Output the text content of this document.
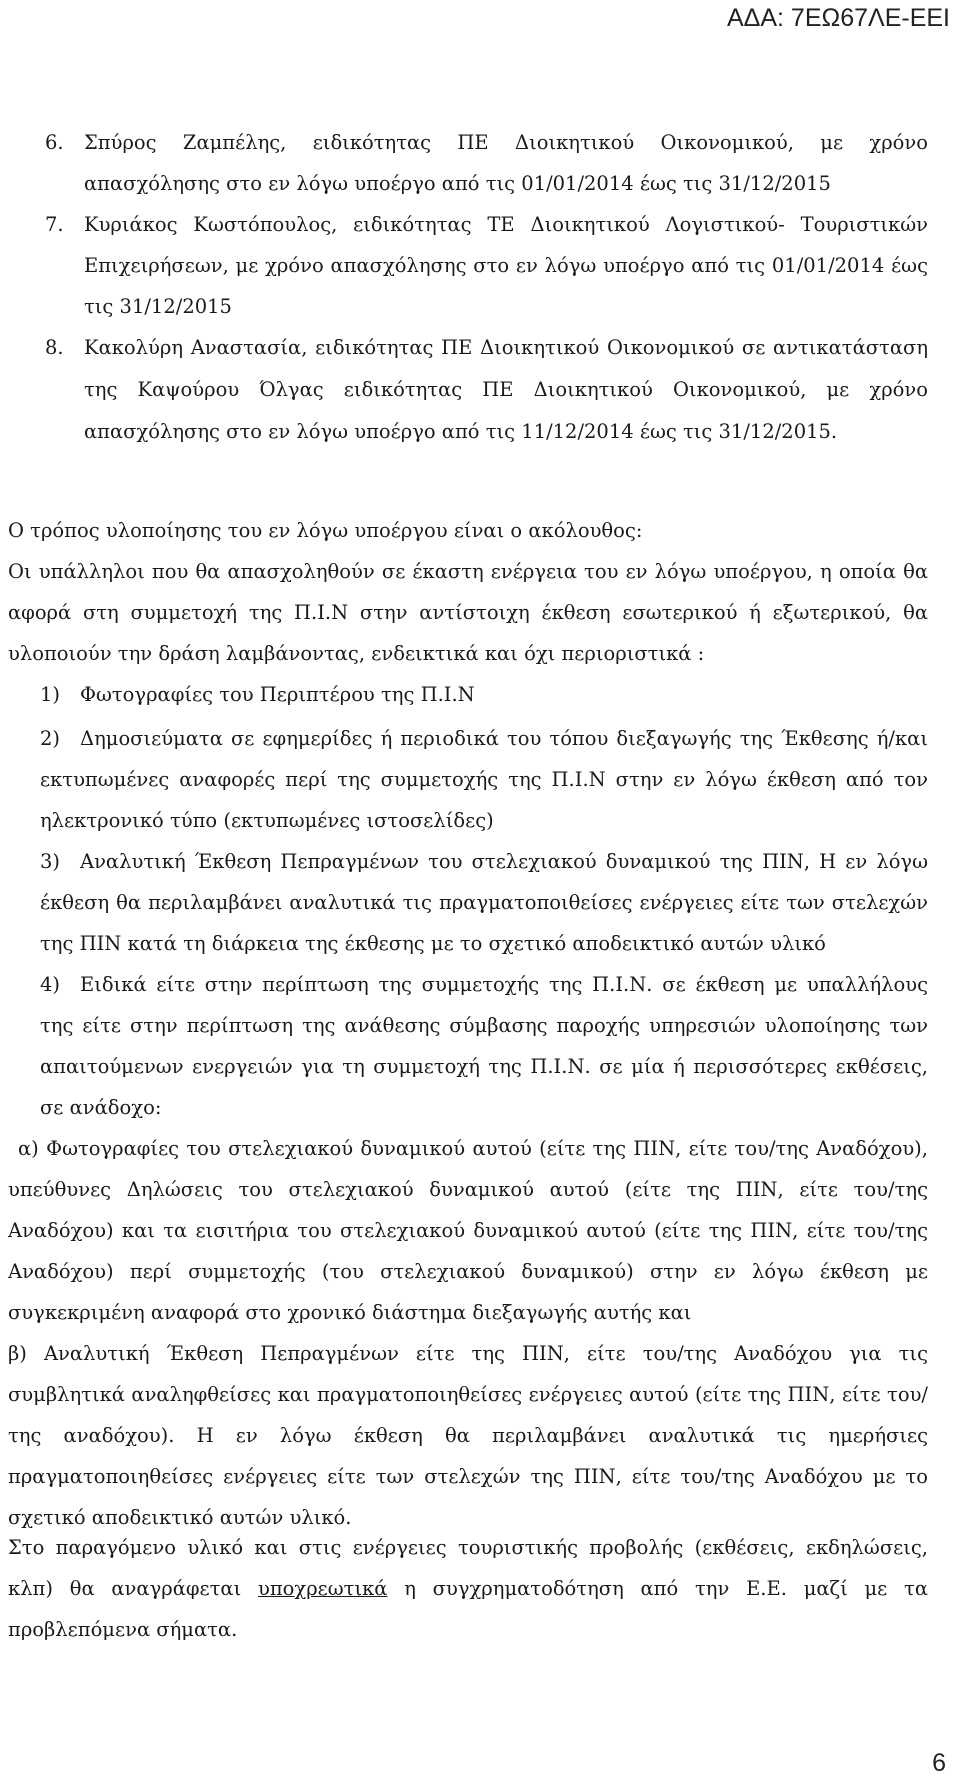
ΑΔΑ: 7ΕΩ67ΛΕ-ΕΕΙ
6. Σπύρος Ζαμπέλης, ειδικότητας ΠΕ Διοικητικού Οικονομικού, με χρόνο απασχόλησης στο εν λόγω υποέργο από τις 01/01/2014 έως τις 31/12/2015
7. Κυριάκος Κωστόπουλος, ειδικότητας ΤΕ Διοικητικού Λογιστικού- Τουριστικών Επιχειρήσεων, με χρόνο απασχόλησης στο εν λόγω υποέργο από τις 01/01/2014 έως τις 31/12/2015
8. Κακολύρη Αναστασία, ειδικότητας ΠΕ Διοικητικού Οικονομικού σε αντικατάσταση της Καψούρου Όλγας ειδικότητας ΠΕ Διοικητικού Οικονομικού, με χρόνο απασχόλησης στο εν λόγω υποέργο από τις 11/12/2014 έως τις 31/12/2015.
Ο τρόπος υλοποίησης του εν λόγω υποέργου είναι ο ακόλουθος:
Οι υπάλληλοι που θα απασχοληθούν σε έκαστη ενέργεια του εν λόγω υποέργου, η οποία θα αφορά στη συμμετοχή της Π.Ι.Ν στην αντίστοιχη έκθεση εσωτερικού ή εξωτερικού, θα υλοποιούν την δράση λαμβάνοντας, ενδεικτικά και όχι περιοριστικά :
1) Φωτογραφίες του Περιπτέρου της Π.Ι.Ν
2) Δημοσιεύματα σε εφημερίδες ή περιοδικά του τόπου διεξαγωγής της Έκθεσης ή/και εκτυπωμένες αναφορές περί της συμμετοχής της Π.Ι.Ν στην εν λόγω έκθεση από τον ηλεκτρονικό τύπο (εκτυπωμένες ιστοσελίδες)
3) Αναλυτική Έκθεση Πεπραγμένων του στελεχιακού δυναμικού της ΠΙΝ, Η εν λόγω έκθεση θα περιλαμβάνει αναλυτικά τις πραγματοποιθείσες ενέργειες είτε των στελεχών της ΠΙΝ κατά τη διάρκεια της έκθεσης με το σχετικό αποδεικτικό αυτών υλικό
4) Ειδικά είτε στην περίπτωση της συμμετοχής της Π.Ι.Ν. σε έκθεση με υπαλλήλους της είτε στην περίπτωση της ανάθεσης σύμβασης παροχής υπηρεσιών υλοποίησης των απαιτούμενων ενεργειών για τη συμμετοχή της Π.Ι.Ν. σε μία ή περισσότερες εκθέσεις, σε ανάδοχο:
α) Φωτογραφίες του στελεχιακού δυναμικού αυτού (είτε της ΠΙΝ, είτε του/της Αναδόχου), υπεύθυνες Δηλώσεις του στελεχιακού δυναμικού αυτού (είτε της ΠΙΝ, είτε του/της Αναδόχου) και τα εισιτήρια του στελεχιακού δυναμικού αυτού (είτε της ΠΙΝ, είτε του/της Αναδόχου) περί συμμετοχής (του στελεχιακού δυναμικού) στην εν λόγω έκθεση με συγκεκριμένη αναφορά στο χρονικό διάστημα διεξαγωγής αυτής και
β) Αναλυτική Έκθεση Πεπραγμένων είτε της ΠΙΝ, είτε του/της Αναδόχου για τις συμβλητικά αναληφθείσες και πραγματοποιηθείσες ενέργειες αυτού (είτε της ΠΙΝ, είτε του/της αναδόχου). Η εν λόγω έκθεση θα περιλαμβάνει αναλυτικά τις ημερήσιες πραγματοποιηθείσες ενέργειες είτε των στελεχών της ΠΙΝ, είτε του/της Αναδόχου με το σχετικό αποδεικτικό αυτών υλικό.
Στο παραγόμενο υλικό και στις ενέργειες τουριστικής προβολής (εκθέσεις, εκδηλώσεις, κλπ) θα αναγράφεται υποχρεωτικά η συγχρηματοδότηση από την Ε.Ε. μαζί με τα προβλεπόμενα σήματα.
6
